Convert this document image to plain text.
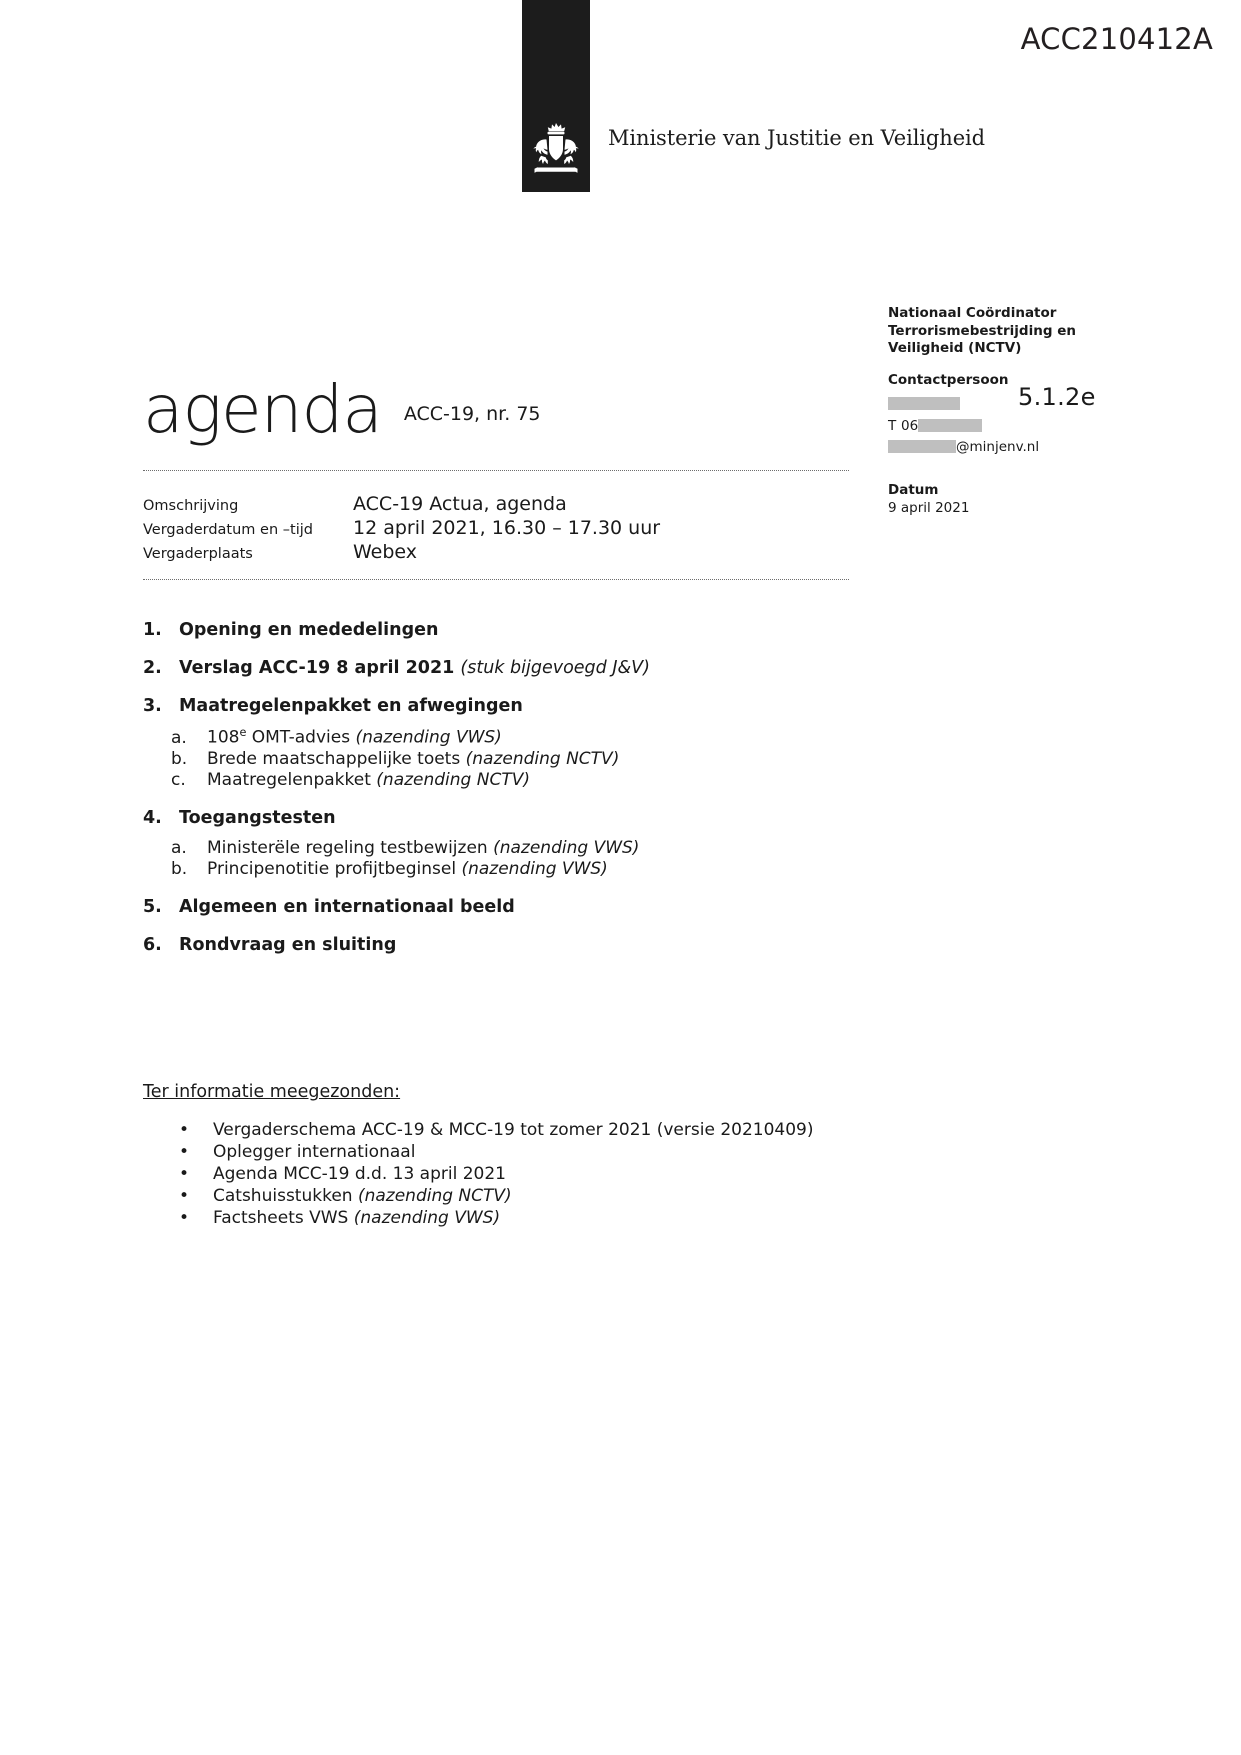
ACC210412A
Ministerie van Justitie en Veiligheid
Nationaal Coördinator
Terrorismebestrijding en
Veiligheid (NCTV)
Contactpersoon
T 06
@minjenv.nl
Datum
9 april 2021
5.1.2e
agenda ACC-19, nr. 75
Omschrijving	ACC-19 Actua, agenda
Vergaderdatum en –tijd	12 april 2021, 16.30 – 17.30 uur
Vergaderplaats	Webex
1. Opening en mededelingen
2. Verslag ACC-19 8 april 2021 (stuk bijgevoegd J&V)
3. Maatregelenpakket en afwegingen
a.	108e OMT-advies (nazending VWS)
b.	Brede maatschappelijke toets (nazending NCTV)
c.	Maatregelenpakket (nazending NCTV)
4. Toegangstesten
a.	Ministerële regeling testbewijzen (nazending VWS)
b.	Principenotitie profijtbeginsel (nazending VWS)
5. Algemeen en internationaal beeld
6. Rondvraag en sluiting
Ter informatie meegezonden:
•	Vergaderschema ACC-19 & MCC-19 tot zomer 2021 (versie 20210409)
•	Oplegger internationaal
•	Agenda MCC-19 d.d. 13 april 2021
•	Catshuisstukken (nazending NCTV)
•	Factsheets VWS (nazending VWS)
